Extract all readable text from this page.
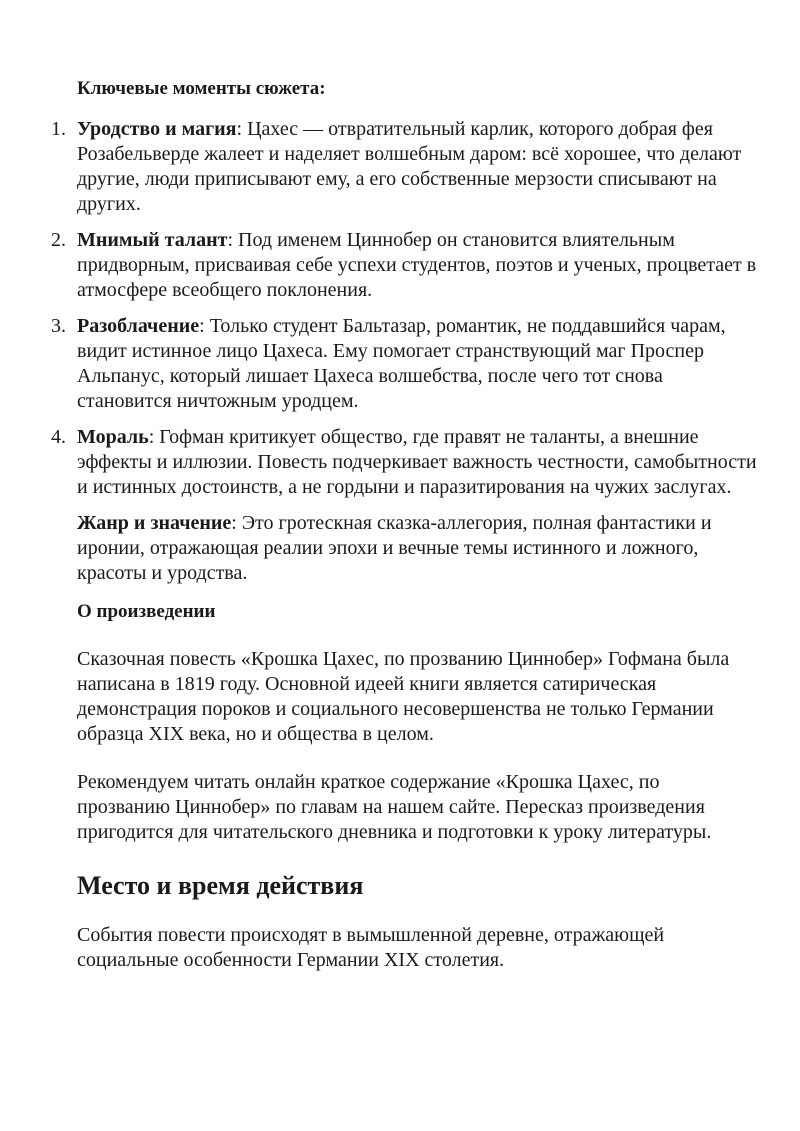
Ключевые моменты сюжета:
1. Уродство и магия: Цахес — отвратительный карлик, которого добрая фея Розабельверде жалеет и наделяет волшебным даром: всё хорошее, что делают другие, люди приписывают ему, а его собственные мерзости списывают на других.
2. Мнимый талант: Под именем Циннобер он становится влиятельным придворным, присваивая себе успехи студентов, поэтов и ученых, процветает в атмосфере всеобщего поклонения.
3. Разоблачение: Только студент Бальтазар, романтик, не поддавшийся чарам, видит истинное лицо Цахеса. Ему помогает странствующий маг Проспер Альпанус, который лишает Цахеса волшебства, после чего тот снова становится ничтожным уродцем.
4. Мораль: Гофман критикует общество, где правят не таланты, а внешние эффекты и иллюзии. Повесть подчеркивает важность честности, самобытности и истинных достоинств, а не гордыни и паразитирования на чужих заслугах.

Жанр и значение: Это гротескная сказка-аллегория, полная фантастики и иронии, отражающая реалии эпохи и вечные темы истинного и ложного, красоты и уродства.

О произведении

Сказочная повесть «Крошка Цахес, по прозванию Циннобер» Гофмана была написана в 1819 году. Основной идеей книги является сатирическая демонстрация пороков и социального несовершенства не только Германии образца XIX века, но и общества в целом.

Рекомендуем читать онлайн краткое содержание «Крошка Цахес, по прозванию Циннобер» по главам на нашем сайте. Пересказ произведения пригодится для читательского дневника и подготовки к уроку литературы.

Место и время действия

События повести происходят в вымышленной деревне, отражающей социальные особенности Германии XIX столетия.
